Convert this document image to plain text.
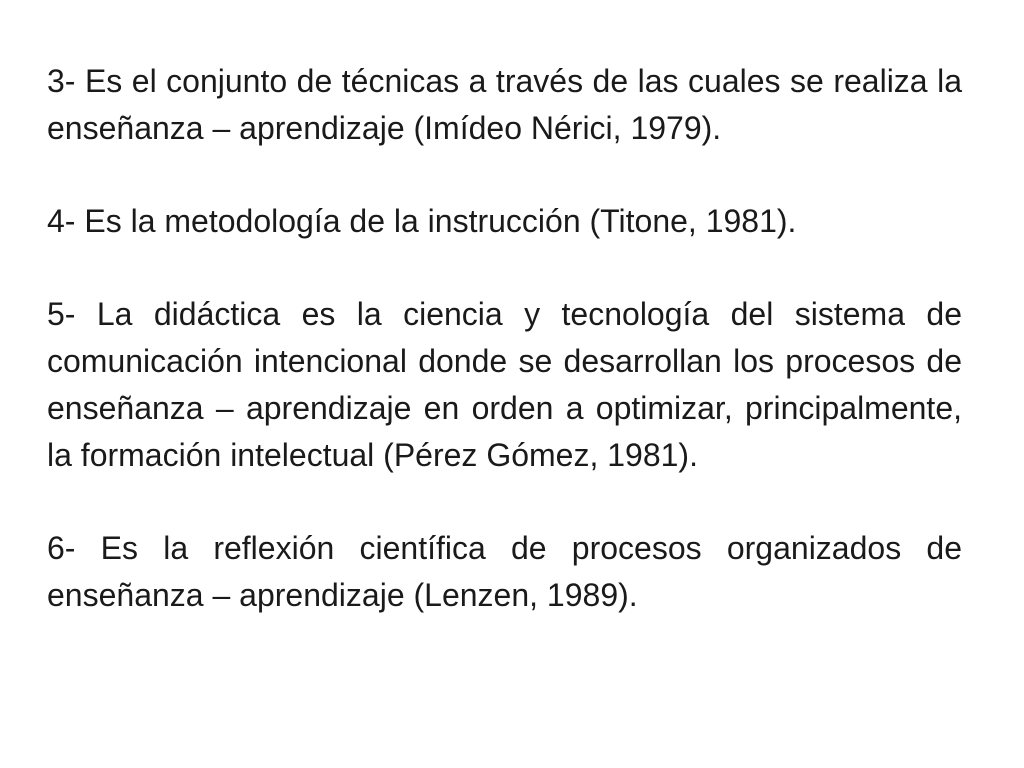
3- Es el conjunto de técnicas a través de las cuales se realiza la enseñanza – aprendizaje (Imídeo Nérici, 1979).

4- Es la metodología de la instrucción (Titone, 1981).

5- La didáctica es la ciencia y tecnología del sistema de comunicación intencional donde se desarrollan los procesos de enseñanza – aprendizaje en orden a optimizar, principalmente, la formación intelectual (Pérez Gómez, 1981).

6- Es la reflexión científica de procesos organizados de enseñanza – aprendizaje (Lenzen, 1989).
